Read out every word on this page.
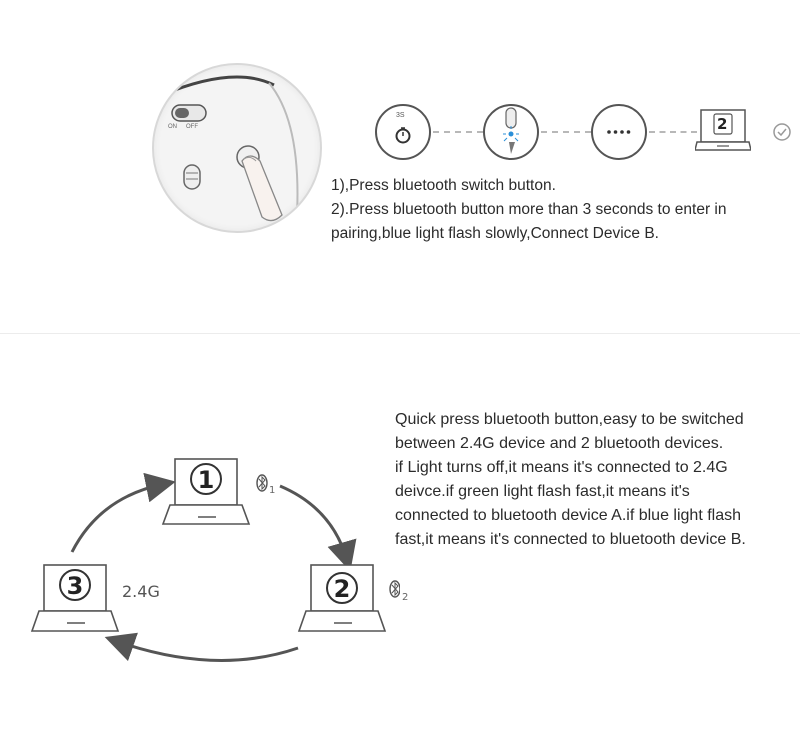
ON OFF
3S	2

1),Press bluetooth switch button.

2).Press bluetooth button more than 3 seconds to enter in

pairing,blue light flash slowly,Connect Device B.

1	1
2
3 2.4G	2

Quick press bluetooth button,easy to be switched

between 2.4G device and 2 bluetooth devices.

if Light turns off,it means it's connected to 2.4G

deivce.if green light flash fast,it means it's

connected to bluetooth device A.if blue light flash

fast,it means it's connected to bluetooth device B.
